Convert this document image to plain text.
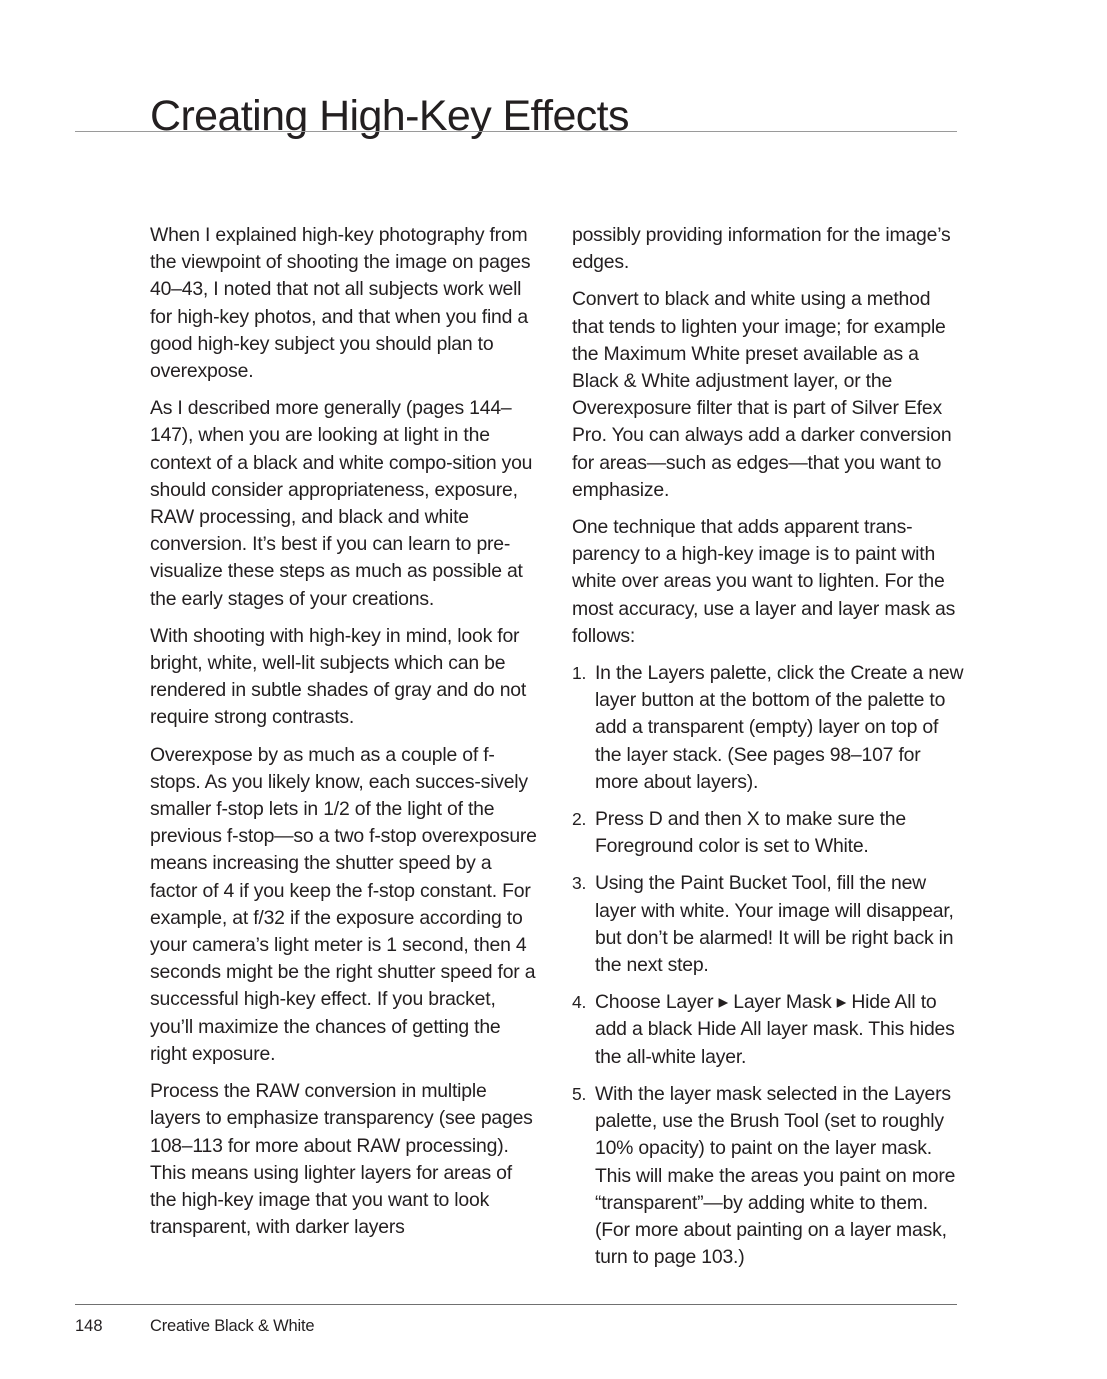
Creating High-Key Effects

When I explained high-key photography from the viewpoint of shooting the image on pages 40–43, I noted that not all subjects work well for high-key photos, and that when you find a good high-key subject you should plan to overexpose.

As I described more generally (pages 144–147), when you are looking at light in the context of a black and white compo-sition you should consider appropriateness, exposure, RAW processing, and black and white conversion. It’s best if you can learn to pre-visualize these steps as much as possible at the early stages of your creations.

With shooting with high-key in mind, look for bright, white, well-lit subjects which can be rendered in subtle shades of gray and do not require strong contrasts.

Overexpose by as much as a couple of f-stops. As you likely know, each succes-sively smaller f-stop lets in 1/2 of the light of the previous f-stop—so a two f-stop overexposure means increasing the shutter speed by a factor of 4 if you keep the f-stop constant. For example, at f/32 if the exposure according to your camera’s light meter is 1 second, then 4 seconds might be the right shutter speed for a successful high-key effect. If you bracket, you’ll maximize the chances of getting the right exposure.

Process the RAW conversion in multiple layers to emphasize transparency (see pages 108–113 for more about RAW processing). This means using lighter layers for areas of the high-key image that you want to look transparent, with darker layers

possibly providing information for the image’s edges.

Convert to black and white using a method that tends to lighten your image; for example the Maximum White preset available as a Black & White adjustment layer, or the Overexposure filter that is part of Silver Efex Pro. You can always add a darker conversion for areas—such as edges—that you want to emphasize.

One technique that adds apparent trans-parency to a high-key image is to paint with white over areas you want to lighten. For the most accuracy, use a layer and layer mask as follows:

1. In the Layers palette, click the Create a new layer button at the bottom of the palette to add a transparent (empty) layer on top of the layer stack. (See pages 98–107 for more about layers).
2. Press D and then X to make sure the Foreground color is set to White.
3. Using the Paint Bucket Tool, fill the new layer with white. Your image will disappear, but don’t be alarmed! It will be right back in the next step.
4. Choose Layer ▸ Layer Mask ▸ Hide All to add a black Hide All layer mask. This hides the all-white layer.
5. With the layer mask selected in the Layers palette, use the Brush Tool (set to roughly 10% opacity) to paint on the layer mask. This will make the areas you paint on more “transparent”—by adding white to them. (For more about painting on a layer mask, turn to page 103.)
148	Creative Black & White
